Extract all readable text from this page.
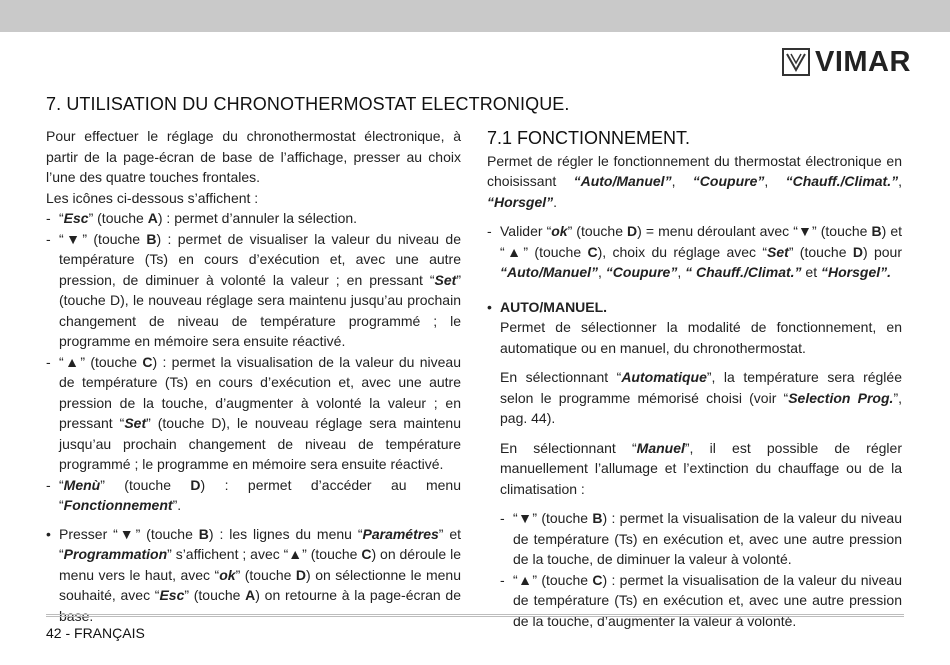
VIMAR
7. UTILISATION DU CHRONOTHERMOSTAT ELECTRONIQUE.

Pour effectuer le réglage du chronothermostat électronique, à partir de la page-écran de base de l’affichage, presser au choix l’une des quatre touches frontales.

Les icônes ci-dessous s’affichent :

- “Esc” (touche A) : permet d’annuler la sélection.

- “▼” (touche B) : permet de visualiser la valeur du niveau de température (Ts) en cours d’exécution et, avec une autre pression, de diminuer à volonté la valeur ; en pressant “Set” (touche D), le nouveau réglage sera maintenu jusqu’au prochain changement de niveau de température programmé ; le programme en mémoire sera ensuite réactivé.

- “▲” (touche C) : permet la visualisation de la valeur du niveau de température (Ts) en cours d’exécution et, avec une autre pression de la touche, d’augmenter à volonté la valeur ; en pressant “Set” (touche D), le nouveau réglage sera maintenu jusqu’au prochain changement de niveau de température programmé ; le programme en mémoire sera ensuite réactivé.

- “Menù” (touche D) : permet d’accéder au menu “Fonctionnement”.

• Presser “▼” (touche B) : les lignes du menu “Paramétres” et “Programmation” s’affichent ; avec “▲” (touche C) on déroule le menu vers le haut, avec “ok” (touche D) on sélectionne le menu souhaité, avec “Esc” (touche A) on retourne à la page-écran de base.

7.1 FONCTIONNEMENT.

Permet de régler le fonctionnement du thermostat électronique en choisissant “Auto/Manuel”, “Coupure”, “Chauff./Climat.”, “Horsgel”.

- Valider “ok” (touche D) = menu déroulant avec “▼” (touche B) et “▲” (touche C), choix du réglage avec “Set” (touche D) pour “Auto/Manuel”, “Coupure”, “ Chauff./Climat.” et “Horsgel”.

• AUTO/MANUEL.

Permet de sélectionner la modalité de fonctionnement, en automatique ou en manuel, du chronothermostat.

En sélectionnant “Automatique”, la température sera réglée selon le programme mémorisé choisi (voir “Selection Prog.”, pag. 44).

En sélectionnant “Manuel”, il est possible de régler manuellement l’allumage et l’extinction du chauffage ou de la climatisation :

- “▼” (touche B) : permet la visualisation de la valeur du niveau de température (Ts) en exécution et, avec une autre pression de la touche, de diminuer la valeur à volonté.

- “▲” (touche C) : permet la visualisation de la valeur du niveau de température (Ts) en exécution et, avec une autre pression de la touche, d’augmenter la valeur à volonté.

42 - FRANÇAIS
